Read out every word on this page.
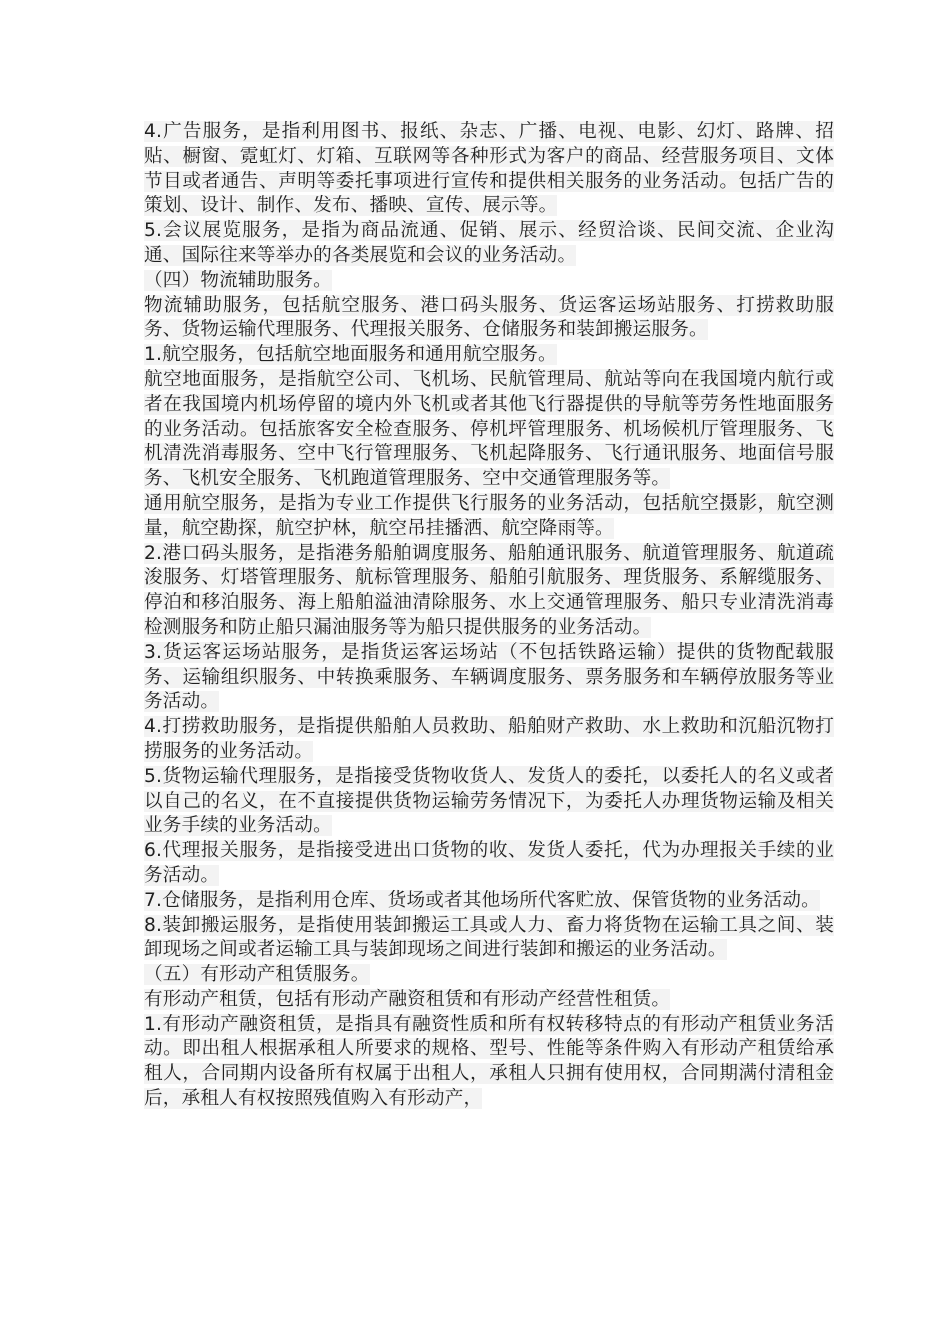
4.广告服务，是指利用图书、报纸、杂志、广播、电视、电影、幻灯、路牌、招贴、橱窗、霓虹灯、灯箱、互联网等各种形式为客户的商品、经营服务项目、文体节目或者通告、声明等委托事项进行宣传和提供相关服务的业务活动。包括广告的策划、设计、制作、发布、播映、宣传、展示等。

5.会议展览服务，是指为商品流通、促销、展示、经贸洽谈、民间交流、企业沟通、国际往来等举办的各类展览和会议的业务活动。

（四）物流辅助服务。

物流辅助服务，包括航空服务、港口码头服务、货运客运场站服务、打捞救助服务、货物运输代理服务、代理报关服务、仓储服务和装卸搬运服务。

1.航空服务，包括航空地面服务和通用航空服务。

航空地面服务，是指航空公司、飞机场、民航管理局、航站等向在我国境内航行或者在我国境内机场停留的境内外飞机或者其他飞行器提供的导航等劳务性地面服务的业务活动。包括旅客安全检查服务、停机坪管理服务、机场候机厅管理服务、飞机清洗消毒服务、空中飞行管理服务、飞机起降服务、飞行通讯服务、地面信号服务、飞机安全服务、飞机跑道管理服务、空中交通管理服务等。

通用航空服务，是指为专业工作提供飞行服务的业务活动，包括航空摄影，航空测量，航空勘探，航空护林，航空吊挂播洒、航空降雨等。

2.港口码头服务，是指港务船舶调度服务、船舶通讯服务、航道管理服务、航道疏浚服务、灯塔管理服务、航标管理服务、船舶引航服务、理货服务、系解缆服务、停泊和移泊服务、海上船舶溢油清除服务、水上交通管理服务、船只专业清洗消毒检测服务和防止船只漏油服务等为船只提供服务的业务活动。

3.货运客运场站服务，是指货运客运场站（不包括铁路运输）提供的货物配载服务、运输组织服务、中转换乘服务、车辆调度服务、票务服务和车辆停放服务等业务活动。

4.打捞救助服务，是指提供船舶人员救助、船舶财产救助、水上救助和沉船沉物打捞服务的业务活动。

5.货物运输代理服务，是指接受货物收货人、发货人的委托，以委托人的名义或者以自己的名义，在不直接提供货物运输劳务情况下，为委托人办理货物运输及相关业务手续的业务活动。

6.代理报关服务，是指接受进出口货物的收、发货人委托，代为办理报关手续的业务活动。

7.仓储服务，是指利用仓库、货场或者其他场所代客贮放、保管货物的业务活动。

8.装卸搬运服务，是指使用装卸搬运工具或人力、畜力将货物在运输工具之间、装卸现场之间或者运输工具与装卸现场之间进行装卸和搬运的业务活动。

（五）有形动产租赁服务。

有形动产租赁，包括有形动产融资租赁和有形动产经营性租赁。

1.有形动产融资租赁，是指具有融资性质和所有权转移特点的有形动产租赁业务活动。即出租人根据承租人所要求的规格、型号、性能等条件购入有形动产租赁给承租人，合同期内设备所有权属于出租人，承租人只拥有使用权，合同期满付清租金后，承租人有权按照残值购入有形动产，
